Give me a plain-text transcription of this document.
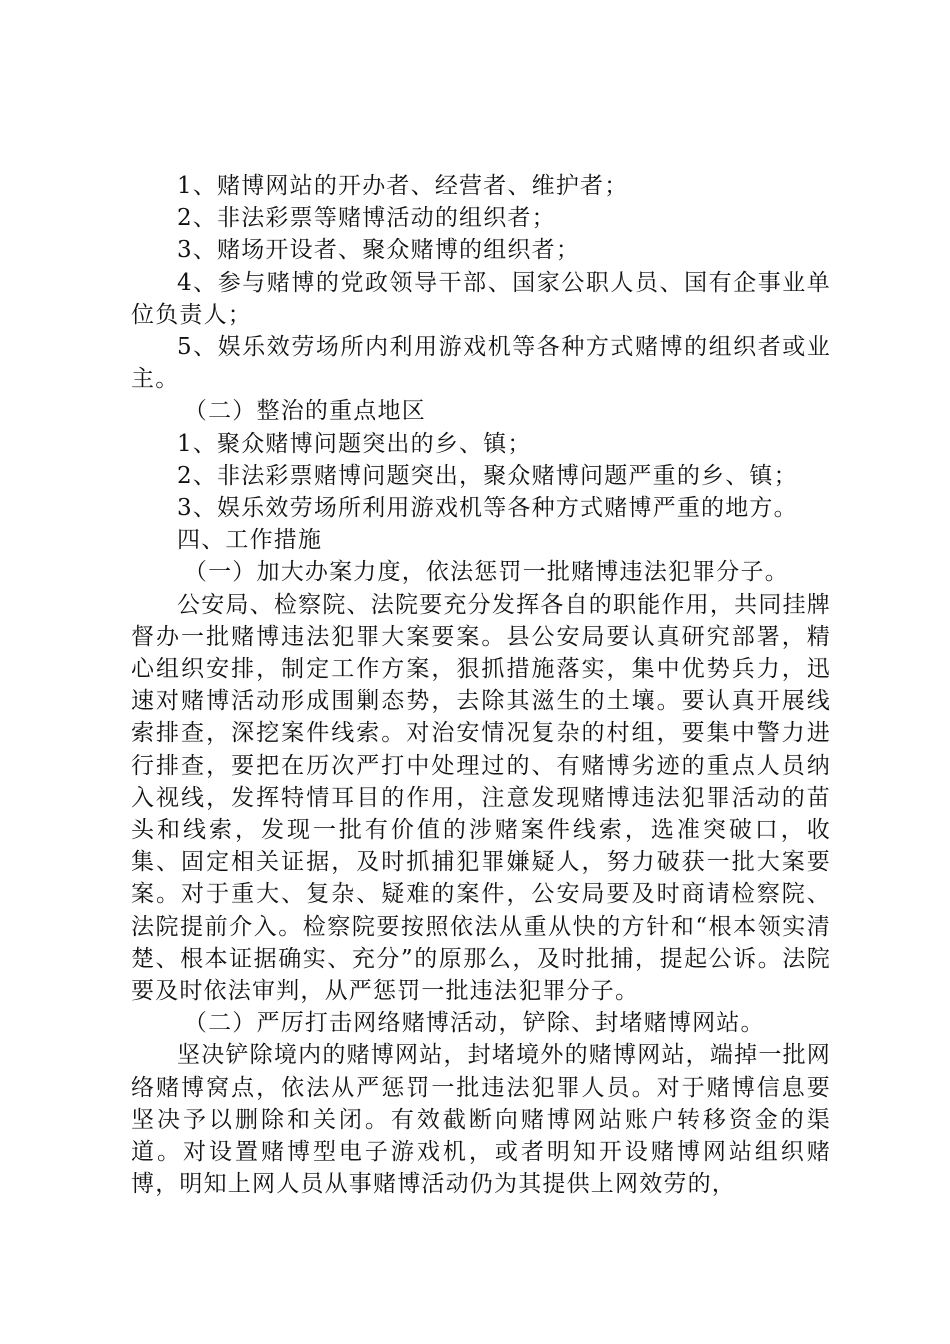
1、赌博网站的开办者、经营者、维护者；

2、非法彩票等赌博活动的组织者；

3、赌场开设者、聚众赌博的组织者；

4、参与赌博的党政领导干部、国家公职人员、国有企事业单位负责人；

5、娱乐效劳场所内利用游戏机等各种方式赌博的组织者或业主。

（二）整治的重点地区

1、聚众赌博问题突出的乡、镇；

2、非法彩票赌博问题突出，聚众赌博问题严重的乡、镇；

3、娱乐效劳场所利用游戏机等各种方式赌博严重的地方。

四、工作措施

（一）加大办案力度，依法惩罚一批赌博违法犯罪分子。

公安局、检察院、法院要充分发挥各自的职能作用，共同挂牌督办一批赌博违法犯罪大案要案。县公安局要认真研究部署，精心组织安排，制定工作方案，狠抓措施落实，集中优势兵力，迅速对赌博活动形成围剿态势，去除其滋生的土壤。要认真开展线索排查，深挖案件线索。对治安情况复杂的村组，要集中警力进行排查，要把在历次严打中处理过的、有赌博劣迹的重点人员纳入视线，发挥特情耳目的作用，注意发现赌博违法犯罪活动的苗头和线索，发现一批有价值的涉赌案件线索，选准突破口，收集、固定相关证据，及时抓捕犯罪嫌疑人，努力破获一批大案要案。对于重大、复杂、疑难的案件，公安局要及时商请检察院、法院提前介入。检察院要按照依法从重从快的方针和“根本领实清楚、根本证据确实、充分”的原那么，及时批捕，提起公诉。法院要及时依法审判，从严惩罚一批违法犯罪分子。

（二）严厉打击网络赌博活动，铲除、封堵赌博网站。

坚决铲除境内的赌博网站，封堵境外的赌博网站，端掉一批网络赌博窝点，依法从严惩罚一批违法犯罪人员。对于赌博信息要坚决予以删除和关闭。有效截断向赌博网站账户转移资金的渠道。对设置赌博型电子游戏机，或者明知开设赌博网站组织赌博，明知上网人员从事赌博活动仍为其提供上网效劳的，
